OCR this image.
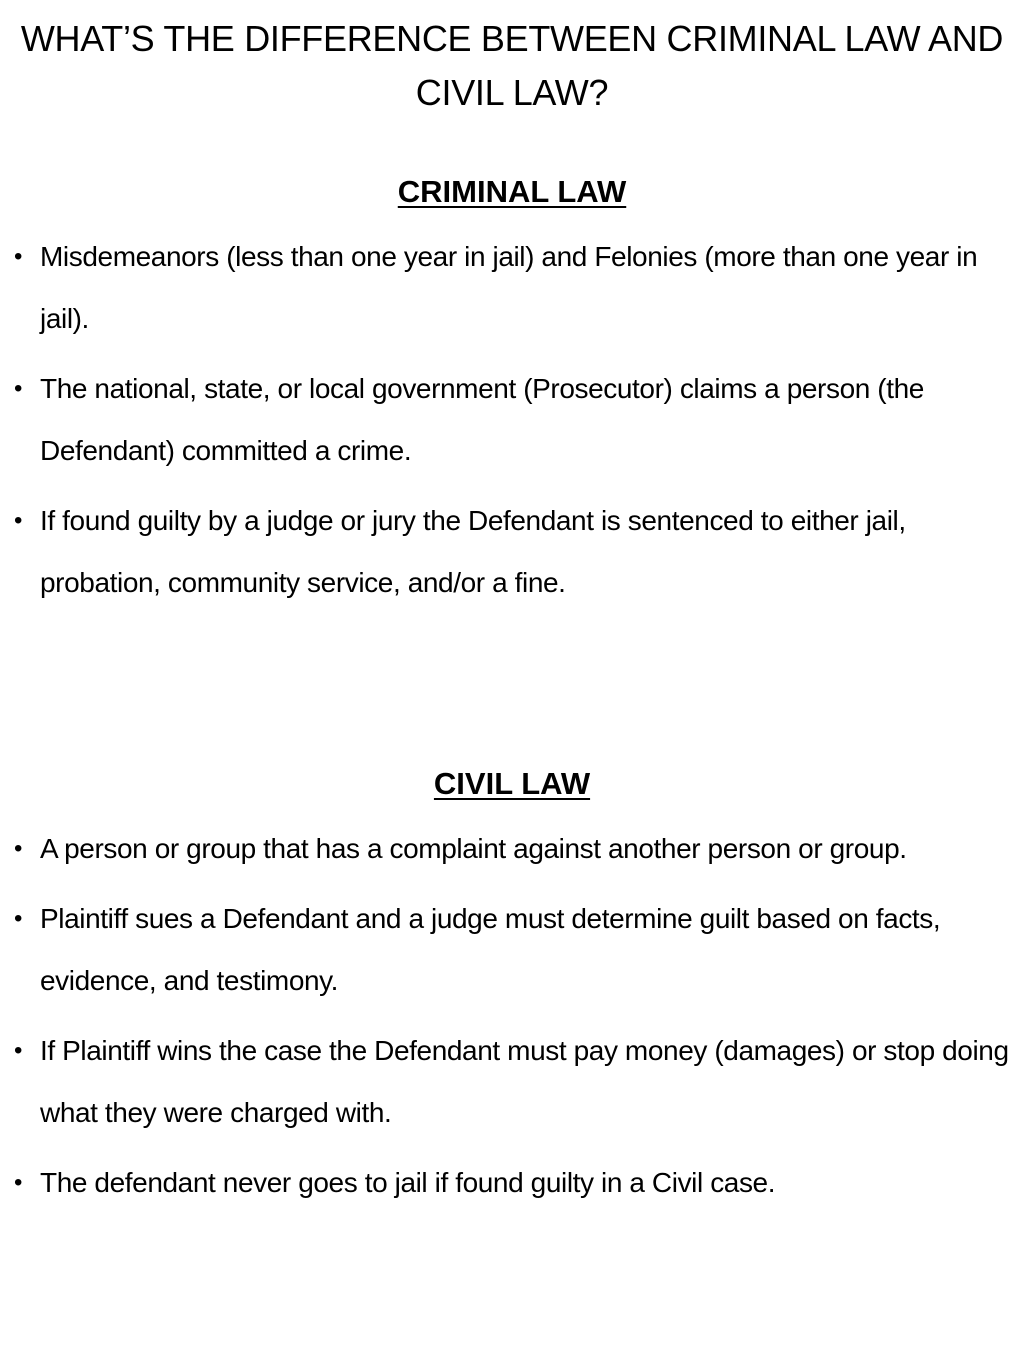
WHAT’S THE DIFFERENCE BETWEEN CRIMINAL LAW AND CIVIL LAW?
CRIMINAL LAW
• Misdemeanors (less than one year in jail) and Felonies (more than one year in jail).
• The national, state, or local government (Prosecutor) claims a person (the Defendant) committed a crime.
• If found guilty by a judge or jury the Defendant is sentenced to either jail, probation, community service, and/or a fine.
CIVIL LAW
• A person or group that has a complaint against another person or group.
• Plaintiff sues a Defendant and a judge must determine guilt based on facts, evidence, and testimony.
• If Plaintiff wins the case the Defendant must pay money (damages) or stop doing what they were charged with.
• The defendant never goes to jail if found guilty in a Civil case.
